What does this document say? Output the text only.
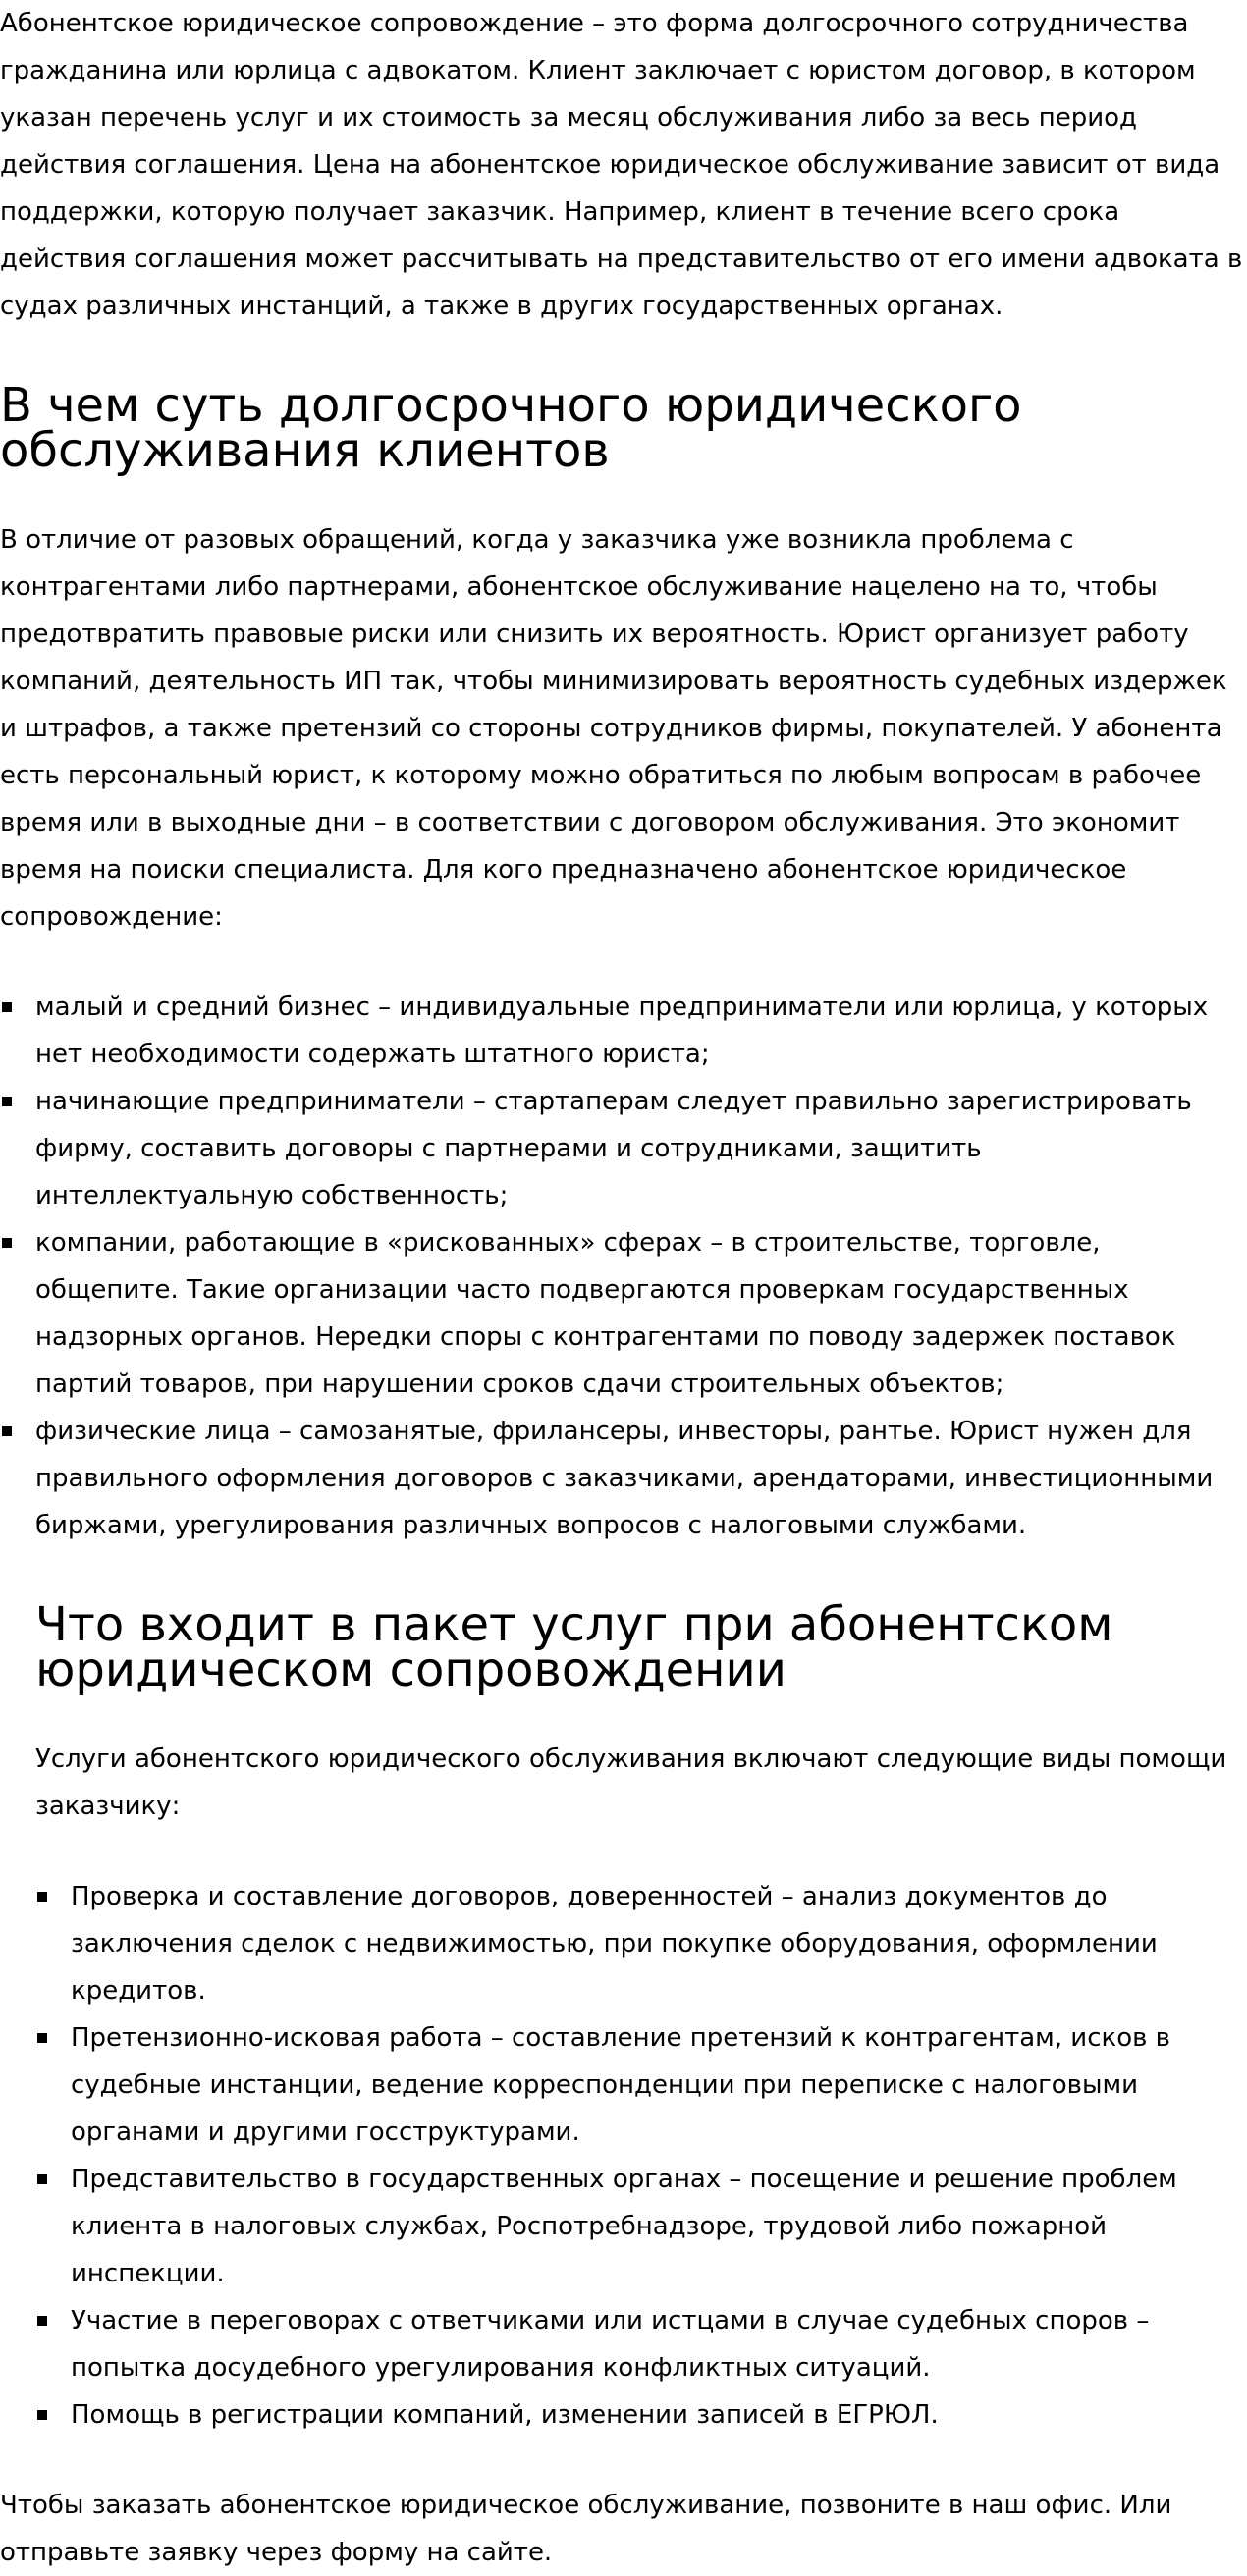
Абонентское юридическое сопровождение – это форма долгосрочного сотрудничества гражданина или юрлица с адвокатом. Клиент заключает с юристом договор, в котором указан перечень услуг и их стоимость за месяц обслуживания либо за весь период действия соглашения. Цена на абонентское юридическое обслуживание зависит от вида поддержки, которую получает заказчик. Например, клиент в течение всего срока действия соглашения может рассчитывать на представительство от его имени адвоката в судах различных инстанций, а также в других государственных органах.

В чем суть долгосрочного юридического обслуживания клиентов

В отличие от разовых обращений, когда у заказчика уже возникла проблема с контрагентами либо партнерами, абонентское обслуживание нацелено на то, чтобы предотвратить правовые риски или снизить их вероятность. Юрист организует работу компаний, деятельность ИП так, чтобы минимизировать вероятность судебных издержек и штрафов, а также претензий со стороны сотрудников фирмы, покупателей. У абонента есть персональный юрист, к которому можно обратиться по любым вопросам в рабочее время или в выходные дни – в соответствии с договором обслуживания. Это экономит время на поиски специалиста. Для кого предназначено абонентское юридическое сопровождение:

малый и средний бизнес – индивидуальные предприниматели или юрлица, у которых нет необходимости содержать штатного юриста;
начинающие предприниматели – стартаперам следует правильно зарегистрировать фирму, составить договоры с партнерами и сотрудниками, защитить интеллектуальную собственность;
компании, работающие в «рискованных» сферах – в строительстве, торговле, общепите. Такие организации часто подвергаются проверкам государственных надзорных органов. Нередки споры с контрагентами по поводу задержек поставок партий товаров, при нарушении сроков сдачи строительных объектов;
физические лица – самозанятые, фрилансеры, инвесторы, рантье. Юрист нужен для правильного оформления договоров с заказчиками, арендаторами, инвестиционными биржами, урегулирования различных вопросов с налоговыми службами.
Что входит в пакет услуг при абонентском юридическом сопровождении

Услуги абонентского юридического обслуживания включают следующие виды помощи заказчику:

Проверка и составление договоров, доверенностей – анализ документов до заключения сделок с недвижимостью, при покупке оборудования, оформлении кредитов.
Претензионно-исковая работа – составление претензий к контрагентам, исков в судебные инстанции, ведение корреспонденции при переписке с налоговыми органами и другими госструктурами.
Представительство в государственных органах – посещение и решение проблем клиента в налоговых службах, Роспотребнадзоре, трудовой либо пожарной инспекции.
Участие в переговорах с ответчиками или истцами в случае судебных споров – попытка досудебного урегулирования конфликтных ситуаций.
Помощь в регистрации компаний, изменении записей в ЕГРЮЛ.

Чтобы заказать абонентское юридическое обслуживание, позвоните в наш офис. Или отправьте заявку через форму на сайте.
